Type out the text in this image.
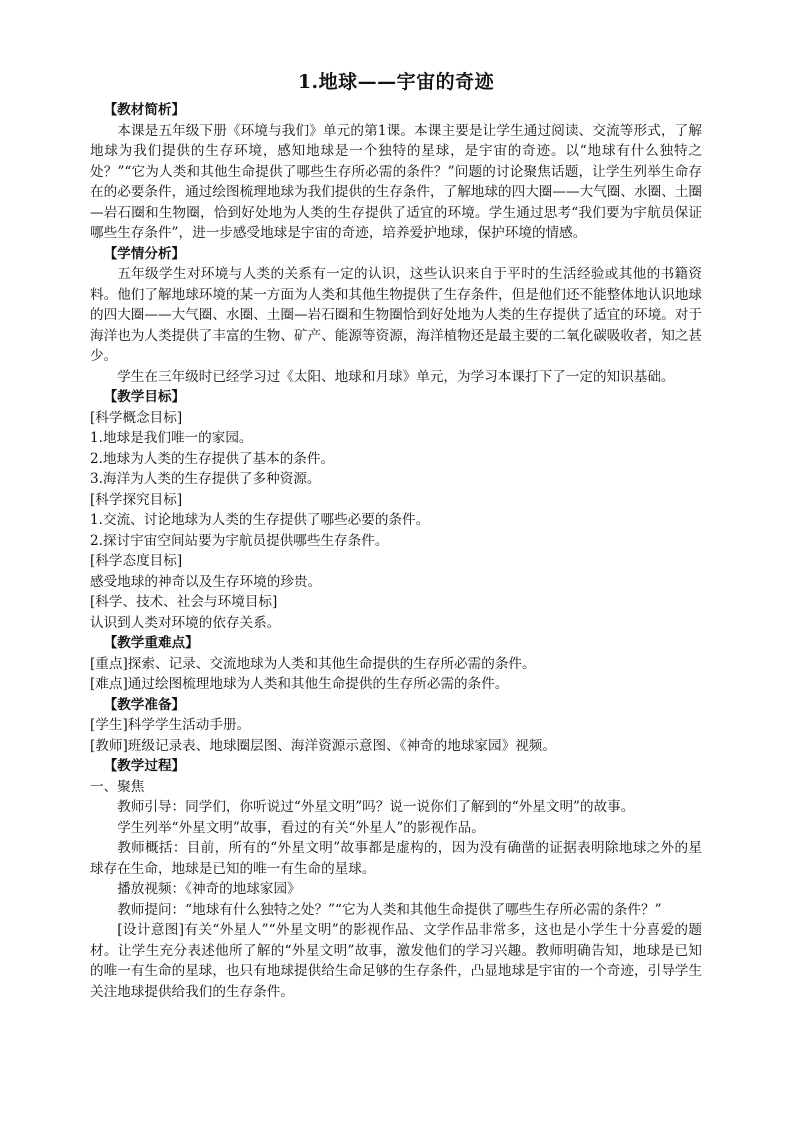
1.地球——宇宙的奇迹
【教材简析】
本课是五年级下册《环境与我们》单元的第1课。本课主要是让学生通过阅读、交流等形式，了解地球为我们提供的生存环境，感知地球是一个独特的星球，是宇宙的奇迹。以“地球有什么独特之处？”“它为人类和其他生命提供了哪些生存所必需的条件？”问题的讨论聚焦话题，让学生列举生命存在的必要条件，通过绘图梳理地球为我们提供的生存条件，了解地球的四大圈——大气圈、水圈、土圈—岩石圈和生物圈，恰到好处地为人类的生存提供了适宜的环境。学生通过思考“我们要为宇航员保证哪些生存条件”，进一步感受地球是宇宙的奇迹，培养爱护地球，保护环境的情感。
【学情分析】
五年级学生对环境与人类的关系有一定的认识，这些认识来自于平时的生活经验或其他的书籍资料。他们了解地球环境的某一方面为人类和其他生物提供了生存条件，但是他们还不能整体地认识地球的四大圈——大气圈、水圈、土圈—岩石圈和生物圈恰到好处地为人类的生存提供了适宜的环境。对于海洋也为人类提供了丰富的生物、矿产、能源等资源，海洋植物还是最主要的二氧化碳吸收者，知之甚少。
学生在三年级时已经学习过《太阳、地球和月球》单元，为学习本课打下了一定的知识基础。
【教学目标】
[科学概念目标]
1.地球是我们唯一的家园。
2.地球为人类的生存提供了基本的条件。
3.海洋为人类的生存提供了多种资源。
[科学探究目标]
1.交流、讨论地球为人类的生存提供了哪些必要的条件。
2.探讨宇宙空间站要为宇航员提供哪些生存条件。
[科学态度目标]
感受地球的神奇以及生存环境的珍贵。
[科学、技术、社会与环境目标]
认识到人类对环境的依存关系。
【教学重难点】
[重点]探索、记录、交流地球为人类和其他生命提供的生存所必需的条件。
[难点]通过绘图梳理地球为人类和其他生命提供的生存所必需的条件。
【教学准备】
[学生]科学学生活动手册。
[教师]班级记录表、地球圈层图、海洋资源示意图、《神奇的地球家园》视频。
【教学过程】
一、聚焦
教师引导：同学们，你听说过“外星文明”吗？说一说你们了解到的“外星文明”的故事。
学生列举“外星文明”故事，看过的有关“外星人”的影视作品。
教师概括：目前，所有的“外星文明”故事都是虚构的，因为没有确凿的证据表明除地球之外的星球存在生命，地球是已知的唯一有生命的星球。
播放视频：《神奇的地球家园》
教师提问：“地球有什么独特之处？”“它为人类和其他生命提供了哪些生存所必需的条件？”
[设计意图]有关“外星人”“外星文明”的影视作品、文学作品非常多，这也是小学生十分喜爱的题材。让学生充分表述他所了解的“外星文明”故事，激发他们的学习兴趣。教师明确告知，地球是已知的唯一有生命的星球，也只有地球提供给生命足够的生存条件，凸显地球是宇宙的一个奇迹，引导学生关注地球提供给我们的生存条件。
